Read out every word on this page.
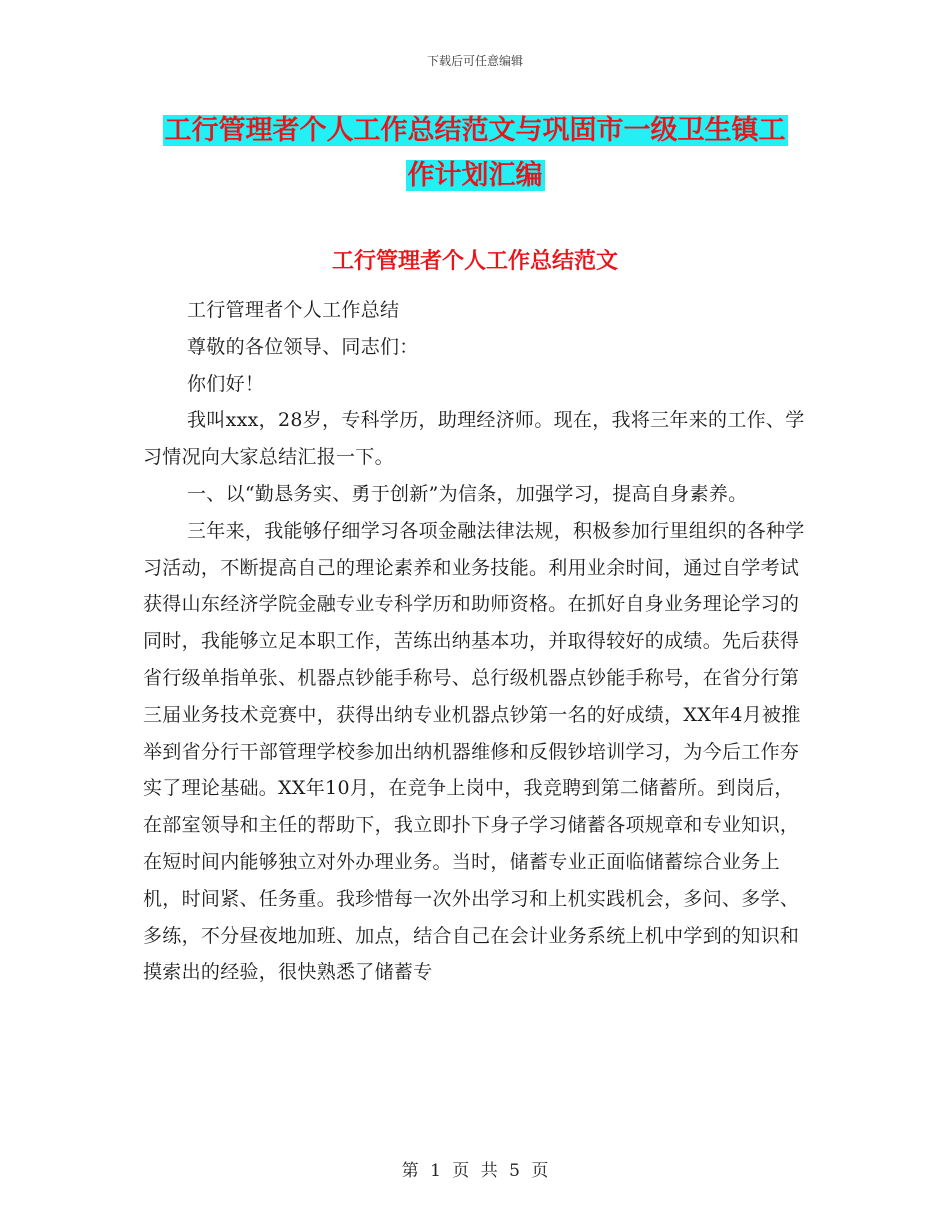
下载后可任意编辑
工行管理者个人工作总结范文与巩固市一级卫生镇工
作计划汇编
工行管理者个人工作总结范文

工行管理者个人工作总结

尊敬的各位领导、同志们：

你们好！

我叫xxx，28岁，专科学历，助理经济师。现在，我将三年来的工作、学习情况向大家总结汇报一下。

一、以“勤恳务实、勇于创新”为信条，加强学习，提高自身素养。

三年来，我能够仔细学习各项金融法律法规，积极参加行里组织的各种学习活动，不断提高自己的理论素养和业务技能。利用业余时间，通过自学考试获得山东经济学院金融专业专科学历和助师资格。在抓好自身业务理论学习的同时，我能够立足本职工作，苦练出纳基本功，并取得较好的成绩。先后获得省行级单指单张、机器点钞能手称号、总行级机器点钞能手称号，在省分行第三届业务技术竞赛中，获得出纳专业机器点钞第一名的好成绩，XX年4月被推举到省分行干部管理学校参加出纳机器维修和反假钞培训学习，为今后工作夯实了理论基础。XX年10月，在竞争上岗中，我竞聘到第二储蓄所。到岗后，在部室领导和主任的帮助下，我立即扑下身子学习储蓄各项规章和专业知识，在短时间内能够独立对外办理业务。当时，储蓄专业正面临储蓄综合业务上机，时间紧、任务重。我珍惜每一次外出学习和上机实践机会，多问、多学、多练，不分昼夜地加班、加点，结合自己在会计业务系统上机中学到的知识和摸索出的经验，很快熟悉了储蓄专

第 1 页 共 5 页
